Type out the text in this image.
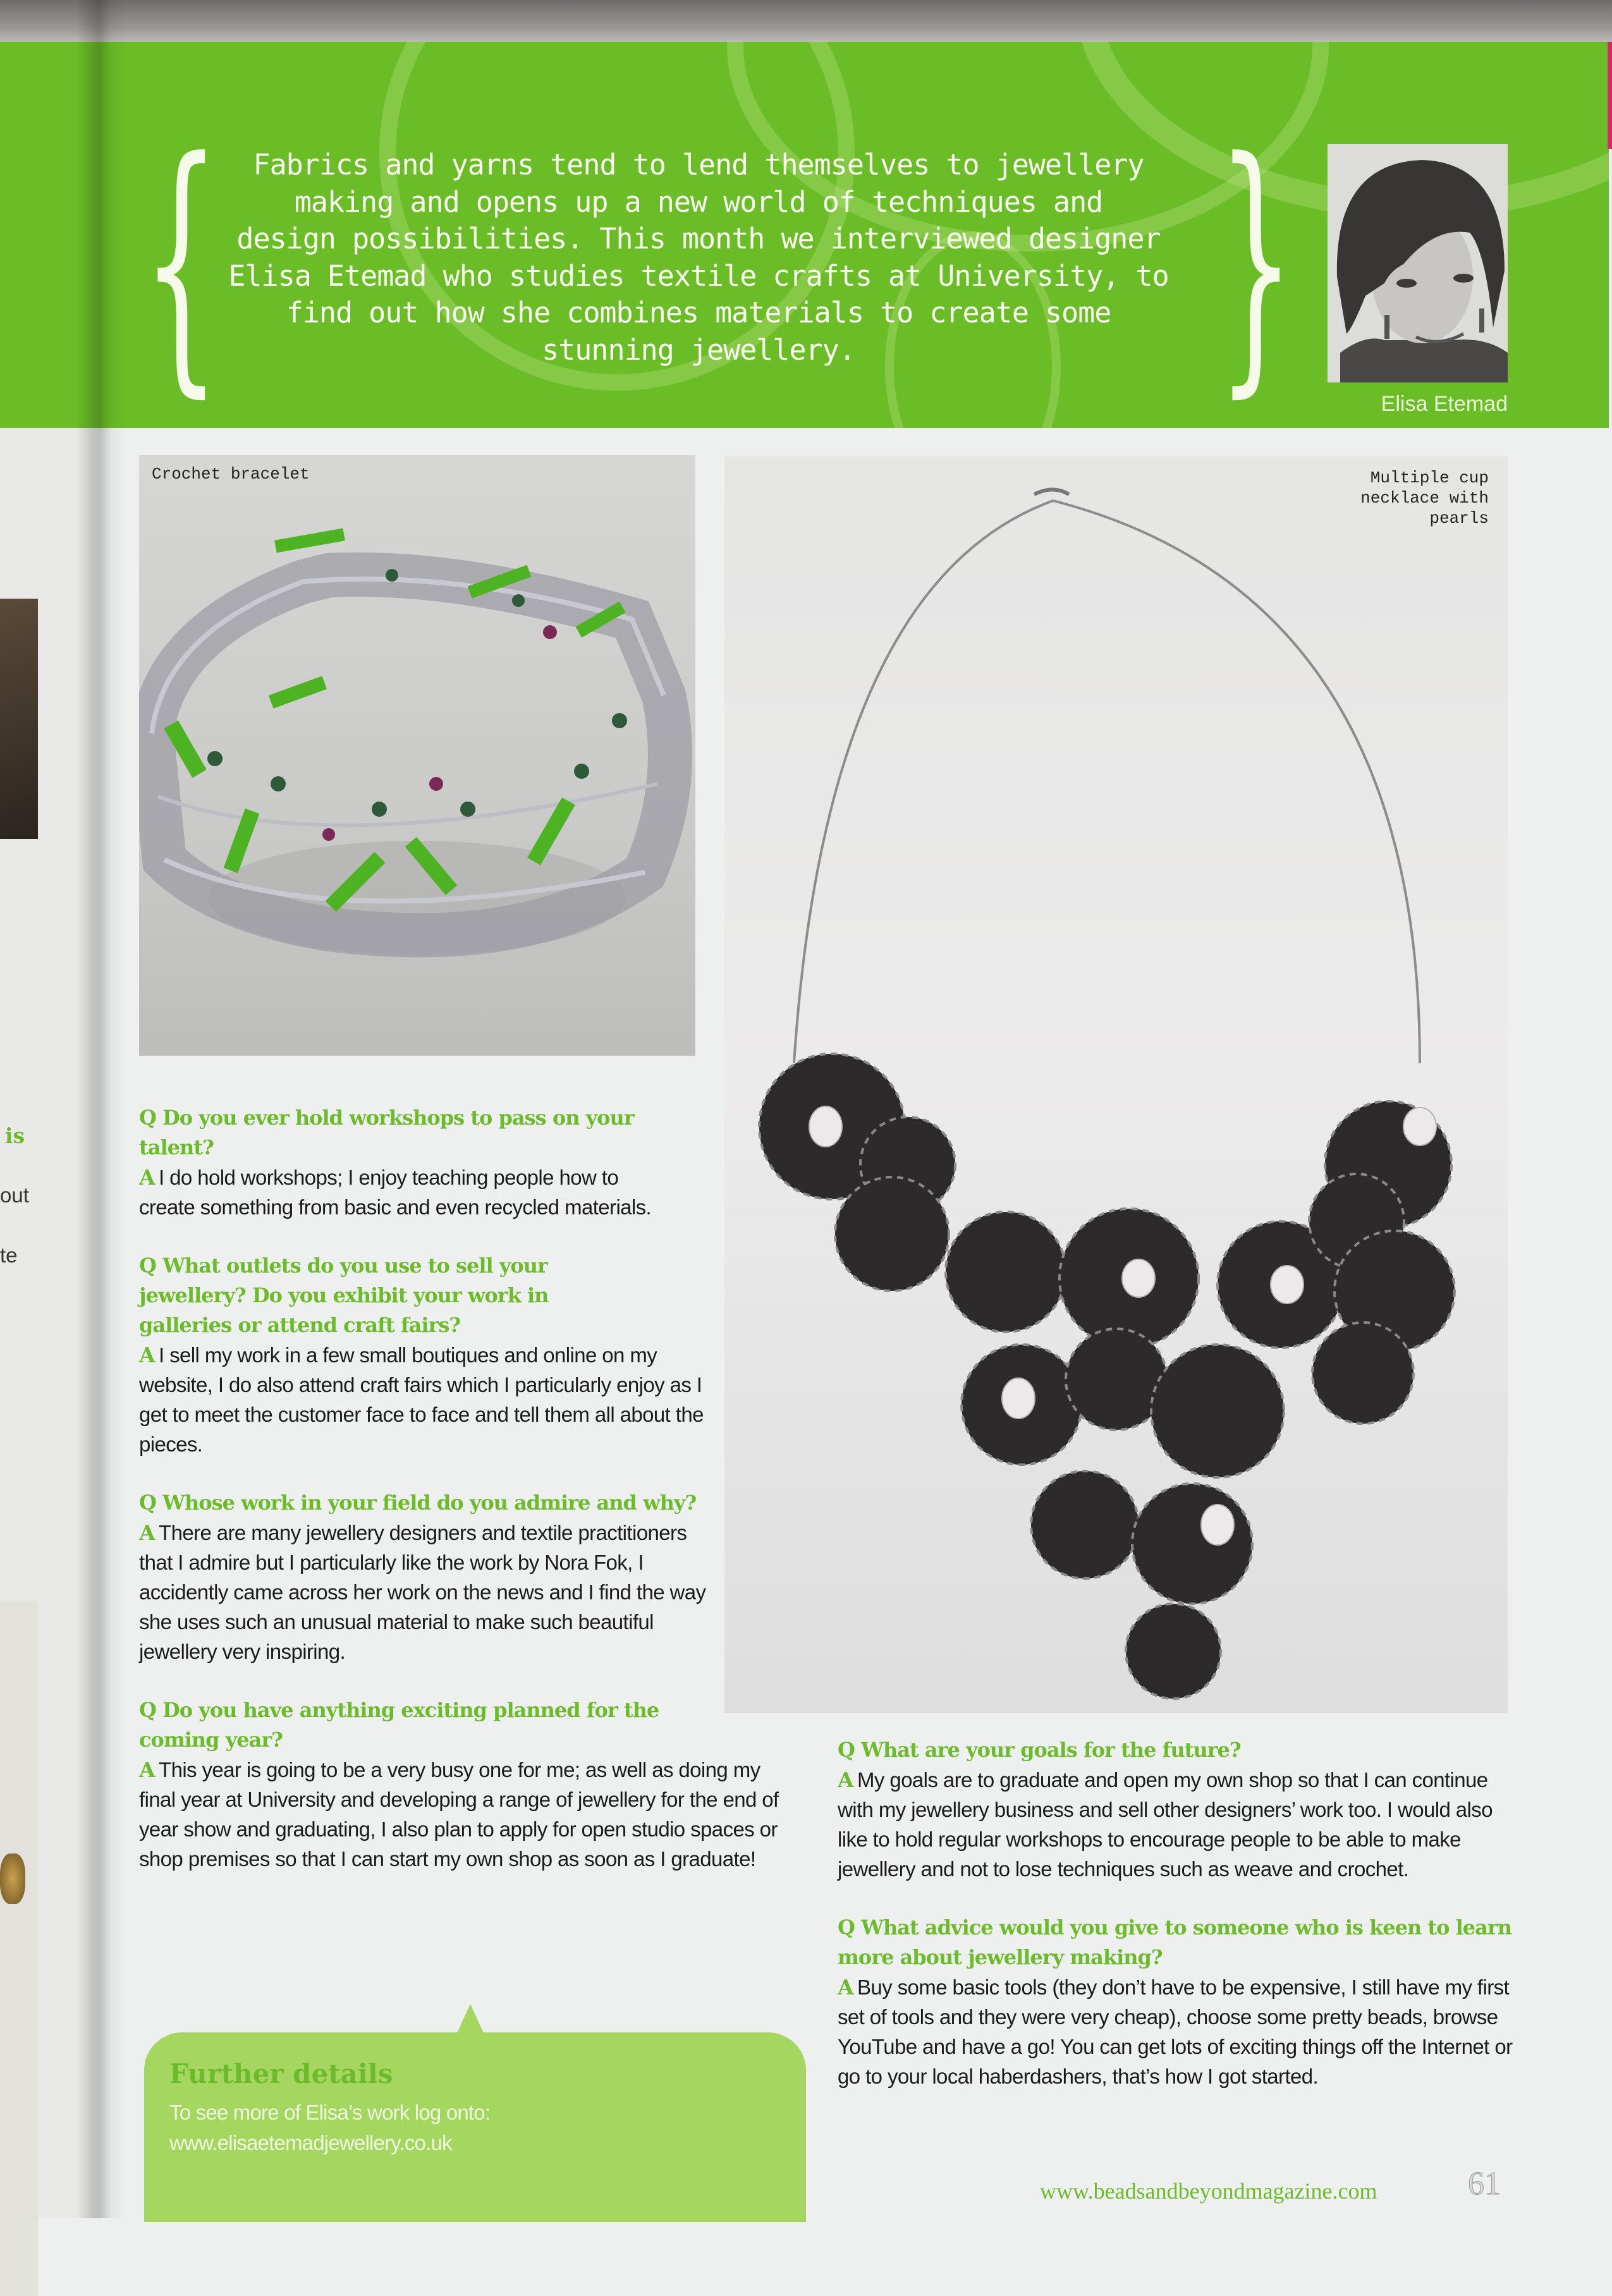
is
out
te
{	}
Fabrics and yarns tend to lend themselves to jewellery
making and opens up a new world of techniques and
design possibilities. This month we interviewed designer
Elisa Etemad who studies textile crafts at University, to
find out how she combines materials to create some
stunning jewellery.
Elisa Etemad
Crochet bracelet	Multiple cup
necklace with
pearls
Q Do you ever hold workshops to pass on your talent?
A I do hold workshops; I enjoy teaching people how to create something from basic and even recycled materials.
Q What outlets do you use to sell your jewellery? Do you exhibit your work in galleries or attend craft fairs?
A I sell my work in a few small boutiques and online on my website, I do also attend craft fairs which I particularly enjoy as I get to meet the customer face to face and tell them all about the pieces.
Q Whose work in your field do you admire and why?
A There are many jewellery designers and textile practitioners that I admire but I particularly like the work by Nora Fok, I accidently came across her work on the news and I find the way she uses such an unusual material to make such beautiful jewellery very inspiring.
Q Do you have anything exciting planned for the coming year?
A This year is going to be a very busy one for me; as well as doing my final year at University and developing a range of jewellery for the end of year show and graduating, I also plan to apply for open studio spaces or shop premises so that I can start my own shop as soon as I graduate!
Further details
To see more of Elisa’s work log onto:
www.elisaetemadjewellery.co.uk
Q What are your goals for the future?
A My goals are to graduate and open my own shop so that I can continue with my jewellery business and sell other designers’ work too. I would also like to hold regular workshops to encourage people to be able to make jewellery and not to lose techniques such as weave and crochet.
Q What advice would you give to someone who is keen to learn more about jewellery making?
A Buy some basic tools (they don’t have to be expensive, I still have my first set of tools and they were very cheap), choose some pretty beads, browse YouTube and have a go! You can get lots of exciting things off the Internet or go to your local haberdashers, that’s how I got started.
www.beadsandbeyondmagazine.com	61
